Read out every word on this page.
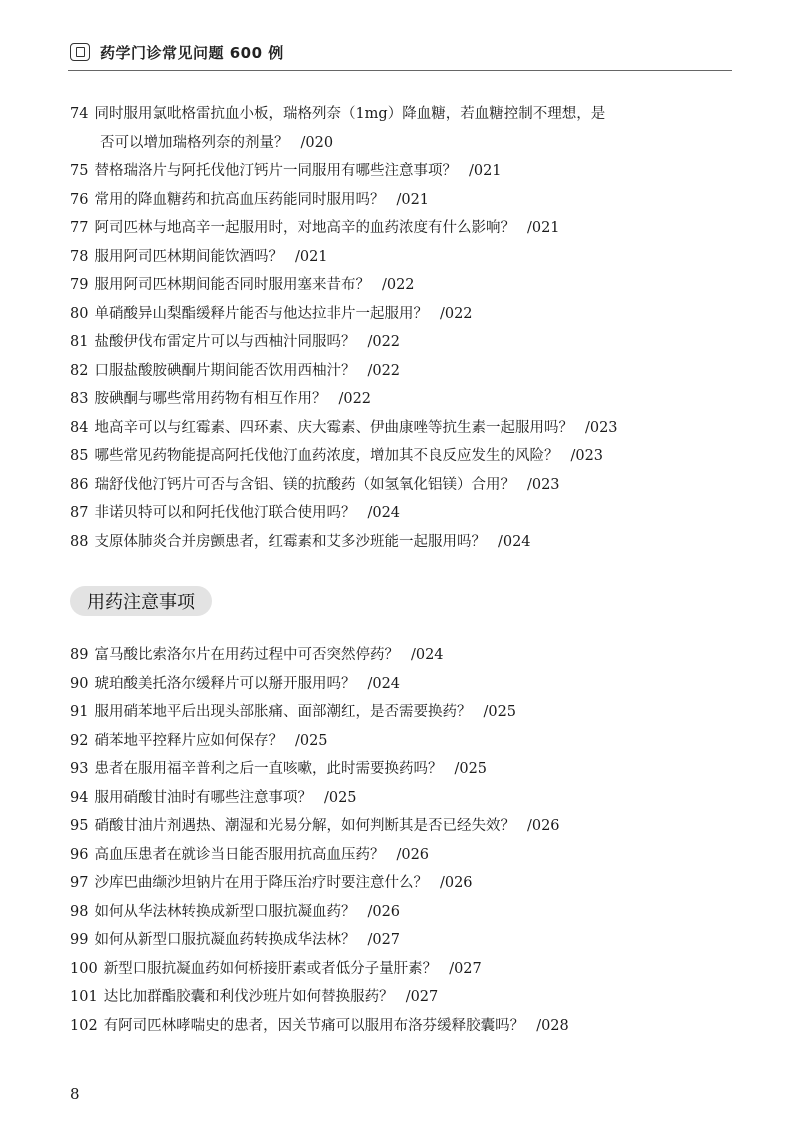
药学门诊常见问题 600 例
74 同时服用氯吡格雷抗血小板，瑞格列奈（1mg）降血糖，若血糖控制不理想，是
否可以增加瑞格列奈的剂量？ /020
75 替格瑞洛片与阿托伐他汀钙片一同服用有哪些注意事项？ /021
76 常用的降血糖药和抗高血压药能同时服用吗？ /021
77 阿司匹林与地高辛一起服用时，对地高辛的血药浓度有什么影响？ /021
78 服用阿司匹林期间能饮酒吗？ /021
79 服用阿司匹林期间能否同时服用塞来昔布？ /022
80 单硝酸异山梨酯缓释片能否与他达拉非片一起服用？ /022
81 盐酸伊伐布雷定片可以与西柚汁同服吗？ /022
82 口服盐酸胺碘酮片期间能否饮用西柚汁？ /022
83 胺碘酮与哪些常用药物有相互作用？ /022
84 地高辛可以与红霉素、四环素、庆大霉素、伊曲康唑等抗生素一起服用吗？ /023
85 哪些常见药物能提高阿托伐他汀血药浓度，增加其不良反应发生的风险？ /023
86 瑞舒伐他汀钙片可否与含铝、镁的抗酸药（如氢氧化铝镁）合用？ /023
87 非诺贝特可以和阿托伐他汀联合使用吗？ /024
88 支原体肺炎合并房颤患者，红霉素和艾多沙班能一起服用吗？ /024
用药注意事项
89 富马酸比索洛尔片在用药过程中可否突然停药？ /024
90 琥珀酸美托洛尔缓释片可以掰开服用吗？ /024
91 服用硝苯地平后出现头部胀痛、面部潮红，是否需要换药？ /025
92 硝苯地平控释片应如何保存？ /025
93 患者在服用福辛普利之后一直咳嗽，此时需要换药吗？ /025
94 服用硝酸甘油时有哪些注意事项？ /025
95 硝酸甘油片剂遇热、潮湿和光易分解，如何判断其是否已经失效？ /026
96 高血压患者在就诊当日能否服用抗高血压药？ /026
97 沙库巴曲缬沙坦钠片在用于降压治疗时要注意什么？ /026
98 如何从华法林转换成新型口服抗凝血药？ /026
99 如何从新型口服抗凝血药转换成华法林？ /027
100 新型口服抗凝血药如何桥接肝素或者低分子量肝素？ /027
101 达比加群酯胶囊和利伐沙班片如何替换服药？ /027
102 有阿司匹林哮喘史的患者，因关节痛可以服用布洛芬缓释胶囊吗？ /028
8
